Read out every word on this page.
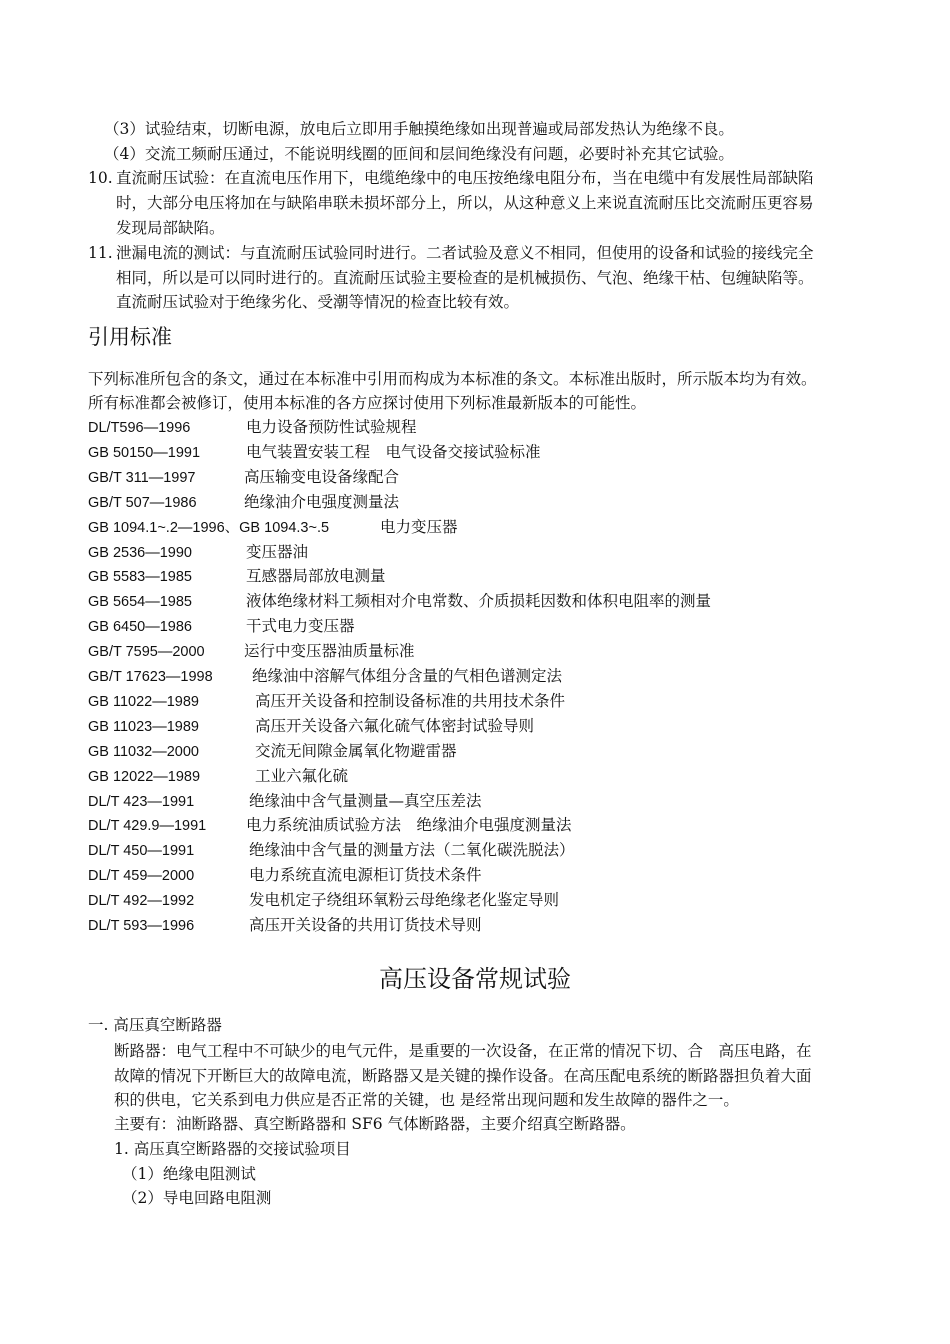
（3）试验结束，切断电源，放电后立即用手触摸绝缘如出现普遍或局部发热认为绝缘不良。
（4）交流工频耐压通过，不能说明线圈的匝间和层间绝缘没有问题，必要时补充其它试验。
10. 直流耐压试验：在直流电压作用下，电缆绝缘中的电压按绝缘电阻分布，当在电缆中有发展性局部缺陷
时，大部分电压将加在与缺陷串联未损坏部分上，所以，从这种意义上来说直流耐压比交流耐压更容易
发现局部缺陷。
11. 泄漏电流的测试：与直流耐压试验同时进行。二者试验及意义不相同，但使用的设备和试验的接线完全
相同，所以是可以同时进行的。直流耐压试验主要检查的是机械损伤、气泡、绝缘干枯、包缠缺陷等。
直流耐压试验对于绝缘劣化、受潮等情况的检查比较有效。
引用标准
下列标准所包含的条文，通过在本标准中引用而构成为本标准的条文。本标准出版时，所示版本均为有效。
所有标准都会被修订，使用本标准的各方应探讨使用下列标准最新版本的可能性。
DL/T596—1996	电力设备预防性试验规程
GB 50150—1991	电气装置安装工程　电气设备交接试验标准
GB/T 311—1997	高压输变电设备缘配合
GB/T 507—1986	绝缘油介电强度测量法
GB 1094.1~.2—1996、GB 1094.3~.5	电力变压器
GB 2536—1990	变压器油
GB 5583—1985	互感器局部放电测量
GB 5654—1985	液体绝缘材料工频相对介电常数、介质损耗因数和体积电阻率的测量
GB 6450—1986	干式电力变压器
GB/T 7595—2000	运行中变压器油质量标准
GB/T 17623—1998	绝缘油中溶解气体组分含量的气相色谱测定法
GB 11022—1989	高压开关设备和控制设备标准的共用技术条件
GB 11023—1989	高压开关设备六氟化硫气体密封试验导则
GB 11032—2000	交流无间隙金属氧化物避雷器
GB 12022—1989	工业六氟化硫
DL/T 423—1991	绝缘油中含气量测量—真空压差法
DL/T 429.9—1991	电力系统油质试验方法　绝缘油介电强度测量法
DL/T 450—1991	绝缘油中含气量的测量方法（二氧化碳洗脱法）
DL/T 459—2000	电力系统直流电源柜订货技术条件
DL/T 492—1992	发电机定子绕组环氧粉云母绝缘老化鉴定导则
DL/T 593—1996	高压开关设备的共用订货技术导则
高压设备常规试验
一. 高压真空断路器
断路器：电气工程中不可缺少的电气元件，是重要的一次设备，在正常的情况下切、合　高压电路，在
故障的情况下开断巨大的故障电流，断路器又是关键的操作设备。在高压配电系统的断路器担负着大面
积的供电，它关系到电力供应是否正常的关键，也 是经常出现问题和发生故障的器件之一。
主要有：油断路器、真空断路器和 SF6 气体断路器，主要介绍真空断路器。
1. 高压真空断路器的交接试验项目
（1）绝缘电阻测试
（2）导电回路电阻测
